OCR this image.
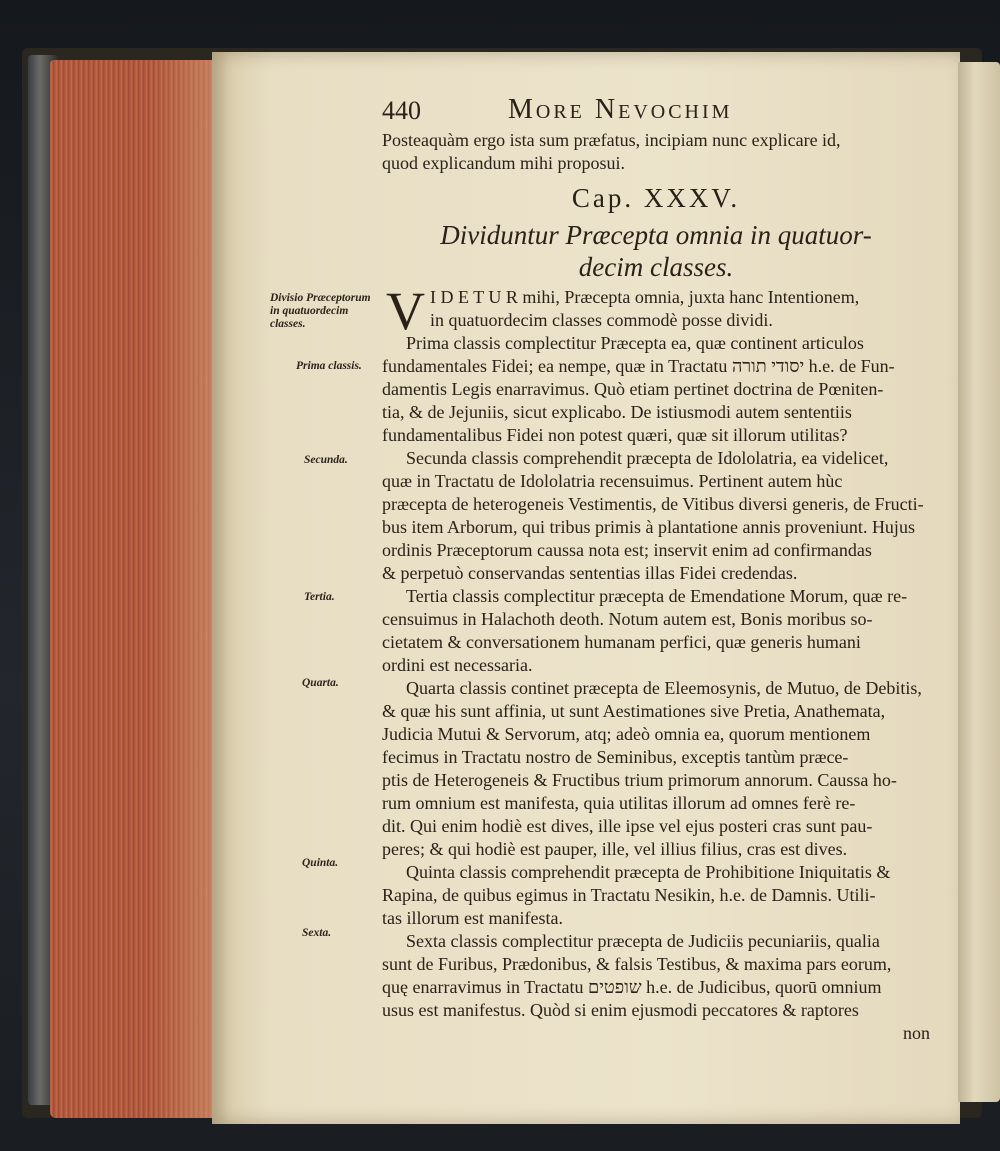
440	More Nevochim
Posteaquàm ergo ista sum præfatus, incipiam nunc explicare id,
quod explicandum mihi proposui.
Cap. XXXV.
Dividuntur Præcepta omnia in quatuor-
decim classes.
V I D E T U R mihi, Præcepta omnia, juxta hanc Intentionem,
in quatuordecim classes commodè posse dividi.
Prima classis complectitur Præcepta ea, quæ continent articulos
fundamentales Fidei; ea nempe, quæ in Tractatu יסודי תורה h.e. de Fun-
damentis Legis enarravimus. Quò etiam pertinet doctrina de Pœniten-
tia, & de Jejuniis, sicut explicabo. De istiusmodi autem sententiis
fundamentalibus Fidei non potest quæri, quæ sit illorum utilitas?
Secunda classis comprehendit præcepta de Idololatria, ea videlicet,
quæ in Tractatu de Idololatria recensuimus. Pertinent autem hùc
præcepta de heterogeneis Vestimentis, de Vitibus diversi generis, de Fructi-
bus item Arborum, qui tribus primis à plantatione annis proveniunt. Hujus
ordinis Præceptorum caussa nota est; inservit enim ad confirmandas
& perpetuò conservandas sententias illas Fidei credendas.
Tertia classis complectitur præcepta de Emendatione Morum, quæ re-
censuimus in Halachoth deoth. Notum autem est, Bonis moribus so-
cietatem & conversationem humanam perfici, quæ generis humani
ordini est necessaria.
Quarta classis continet præcepta de Eleemosynis, de Mutuo, de Debitis,
& quæ his sunt affinia, ut sunt Aestimationes sive Pretia, Anathemata,
Judicia Mutui & Servorum, atq; adeò omnia ea, quorum mentionem
fecimus in Tractatu nostro de Seminibus, exceptis tantùm præce-
ptis de Heterogeneis & Fructibus trium primorum annorum. Caussa ho-
rum omnium est manifesta, quia utilitas illorum ad omnes ferè re-
dit. Qui enim hodiè est dives, ille ipse vel ejus posteri cras sunt pau-
peres; & qui hodiè est pauper, ille, vel illius filius, cras est dives.
Quinta classis comprehendit præcepta de Prohibitione Iniquitatis &
Rapina, de quibus egimus in Tractatu Nesikin, h.e. de Damnis. Utili-
tas illorum est manifesta.
Sexta classis complectitur præcepta de Judiciis pecuniariis, qualia
sunt de Furibus, Prædonibus, & falsis Testibus, & maxima pars eorum,
quę enarravimus in Tractatu שופטים h.e. de Judicibus, quorū omnium
usus est manifestus. Quòd si enim ejusmodi peccatores & raptores
non
Divisio Præceptorum in quatuordecim classes.
Prima classis.
Secunda.
Tertia.
Quarta.
Quinta.
Sexta.
